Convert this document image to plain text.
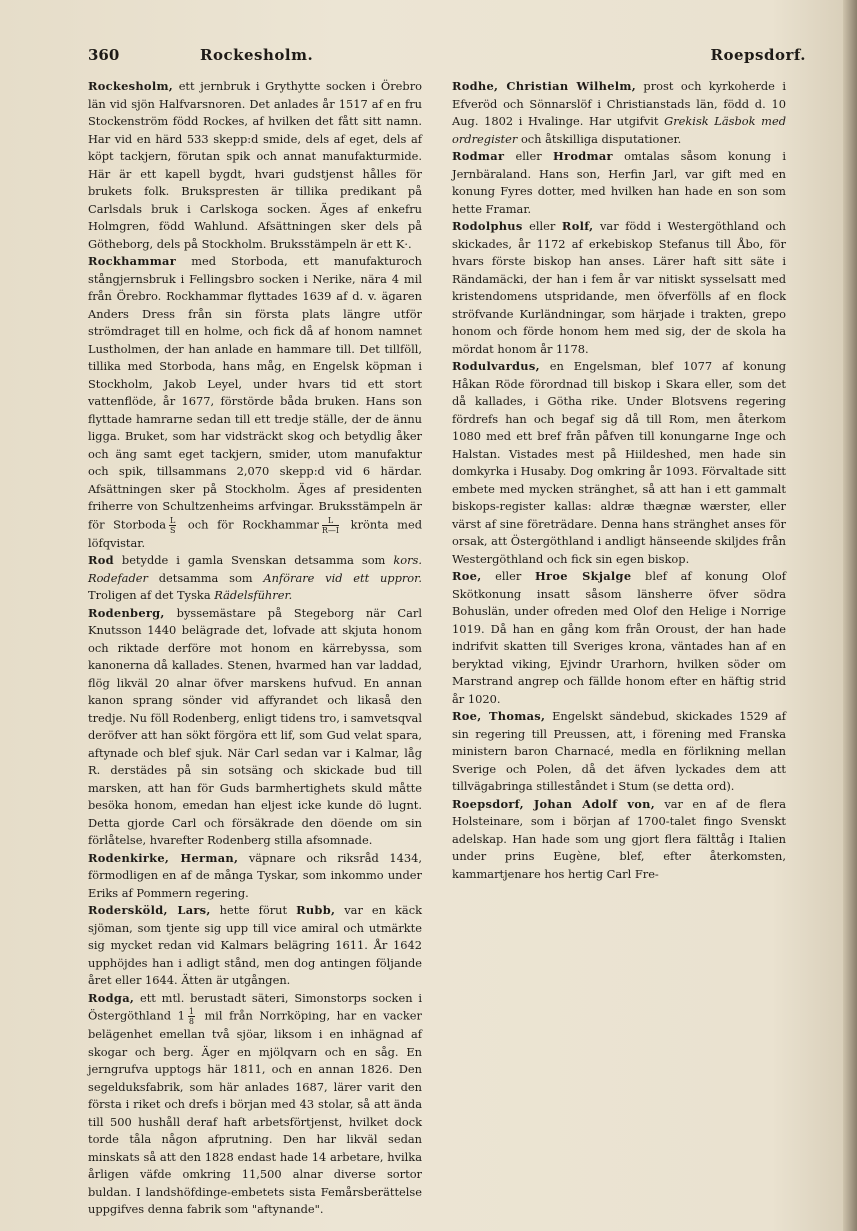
360	Rockesholm.	Roepsdorf.

Rockesholm, ett jernbruk i Grythytte socken i Örebro län vid sjön Halfvarsnoren. Det anlades år 1517 af en fru Stockenström född Rockes, af hvilken det fått sitt namn. Har vid en härd 533 skepp:d smide, dels af eget, dels af köpt tackjern, förutan spik och annat manufakturmide. Här är ett kapell bygdt, hvari gudstjenst hålles för brukets folk. Brukspresten är tillika predikant på Carlsdals bruk i Carlskoga socken. Äges af enkefru Holmgren, född Wahlund. Afsättningen sker dels på Götheborg, dels på Stockholm. Bruksstämpeln är ett K·.

Rockhammar med Storboda, ett manufakturoch stångjernsbruk i Fellingsbro socken i Nerike, nära 4 mil från Örebro. Rockhammar flyttades 1639 af d. v. ägaren Anders Dress från sin första plats längre utför strömdraget till en holme, och fick då af honom namnet Lustholmen, der han anlade en hammare till. Det tillföll, tillika med Storboda, hans måg, en Engelsk köpman i Stockholm, Jakob Leyel, under hvars tid ett stort vattenflöde, år 1677, förstörde båda bruken. Hans son flyttade hamrarne sedan till ett tredje ställe, der de ännu ligga. Bruket, som har vidsträckt skog och betydlig åker och äng samt eget tackjern, smider, utom manufaktur och spik, tillsammans 2,070 skepp:d vid 6 härdar. Afsättningen sker på Stockholm. Äges af presidenten friherre von Schultzenheims arfvingar. Bruksstämpeln är för Storboda $\frac{L}{S}$ och för Rockhammar $\frac{L}{R—I}$ krönta med löfqvistar.

Rod betydde i gamla Svenskan detsamma som kors. Rodefader detsamma som Anförare vid ett uppror. Troligen af det Tyska Rädelsführer.

Rodenberg, byssemästare på Stegeborg när Carl Knutsson 1440 belägrade det, lofvade att skjuta honom och riktade derföre mot honom en kärrebyssa, som kanonerna då kallades. Stenen, hvarmed han var laddad, flög likväl 20 alnar öfver marskens hufvud. En annan kanon sprang sönder vid affyrandet och likaså den tredje. Nu föll Rodenberg, enligt tidens tro, i samvetsqval deröfver att han sökt förgöra ett lif, som Gud velat spara, aftynade och blef sjuk. När Carl sedan var i Kalmar, låg R. derstädes på sin sotsäng och skickade bud till marsken, att han för Guds barmhertighets skuld måtte besöka honom, emedan han eljest icke kunde dö lugnt. Detta gjorde Carl och försäkrade den döende om sin förlåtelse, hvarefter Rodenberg stilla afsomnade.

Rodenkirke, Herman, väpnare och riksråd 1434, förmodligen en af de många Tyskar, som inkommo under Eriks af Pommern regering.

Rodersköld, Lars, hette förut Rubb, var en käck sjöman, som tjente sig upp till vice amiral och utmärkte sig mycket redan vid Kalmars belägring 1611. År 1642 upphöjdes han i adligt stånd, men dog antingen följande året eller 1644. Ätten är utgången.

Rodga, ett mtl. berustadt säteri, Simonstorps socken i Östergöthland $1 \frac{1}{8}$ mil från Norrköping, har en vacker belägenhet emellan två sjöar, liksom i en inhägnad af skogar och berg. Äger en mjölqvarn och en såg. En jerngrufva upptogs här 1811, och en annan 1826. Den segelduksfabrik, som här anlades 1687, lärer varit den första i riket och drefs i början med 43 stolar, så att ända till 500 hushåll deraf haft arbetsförtjenst, hvilket dock torde tåla någon afprutning. Den har likväl sedan minskats så att den 1828 endast hade 14 arbetare, hvilka årligen väfde omkring 11,500 alnar diverse sortor buldan. I landshöfdinge-embetets sista Femårsberättelse uppgifves denna fabrik som "aftynande".

Rodhe, Christian Wilhelm, prost och kyrkoherde i Efveröd och Sönnarslöf i Christianstads län, född d. 10 Aug. 1802 i Hvalinge. Har utgifvit Grekisk Läsbok med ordregister och åtskilliga disputationer.

Rodmar eller Hrodmar omtalas såsom konung i Jernbäraland. Hans son, Herfin Jarl, var gift med en konung Fyres dotter, med hvilken han hade en son som hette Framar.

Rodolphus eller Rolf, var född i Westergöthland och skickades, år 1172 af erkebiskop Stefanus till Åbo, för hvars förste biskop han anses. Lärer haft sitt säte i Rändamäcki, der han i fem år var nitiskt sysselsatt med kristendomens utspridande, men öfverfölls af en flock ströfvande Kurländningar, som härjade i trakten, grepo honom och förde honom hem med sig, der de skola ha mördat honom år 1178.

Rodulvardus, en Engelsman, blef 1077 af konung Håkan Röde förordnad till biskop i Skara eller, som det då kallades, i Götha rike. Under Blotsvens regering fördrefs han och begaf sig då till Rom, men återkom 1080 med ett bref från påfven till konungarne Inge och Halstan. Vistades mest på Hiildeshed, men hade sin domkyrka i Husaby. Dog omkring år 1093. Förvaltade sitt embete med mycken stränghet, så att han i ett gammalt biskops-register kallas: aldræ thægnæ wærster, eller värst af sine företrädare. Denna hans stränghet anses för orsak, att Östergöthland i andligt hänseende skiljdes från Westergöthland och fick sin egen biskop.

Roe, eller Hroe Skjalge blef af konung Olof Skötkonung insatt såsom länsherre öfver södra Bohuslän, under ofreden med Olof den Helige i Norrige 1019. Då han en gång kom från Oroust, der han hade indrifvit skatten till Sveriges krona, väntades han af en beryktad viking, Ejvindr Urarhorn, hvilken söder om Marstrand angrep och fällde honom efter en häftig strid år 1020.

Roe, Thomas, Engelskt sändebud, skickades 1529 af sin regering till Preussen, att, i förening med Franska ministern baron Charnacé, medla en förlikning mellan Sverige och Polen, då det äfven lyckades dem att tillvägabringa stilleståndet i Stum (se detta ord).

Roepsdorf, Johan Adolf von, var en af de flera Holsteinare, som i början af 1700-talet fingo Svenskt adelskap. Han hade som ung gjort flera fälttåg i Italien under prins Eugène, blef, efter återkomsten, kammartjenare hos hertig Carl Fre-
